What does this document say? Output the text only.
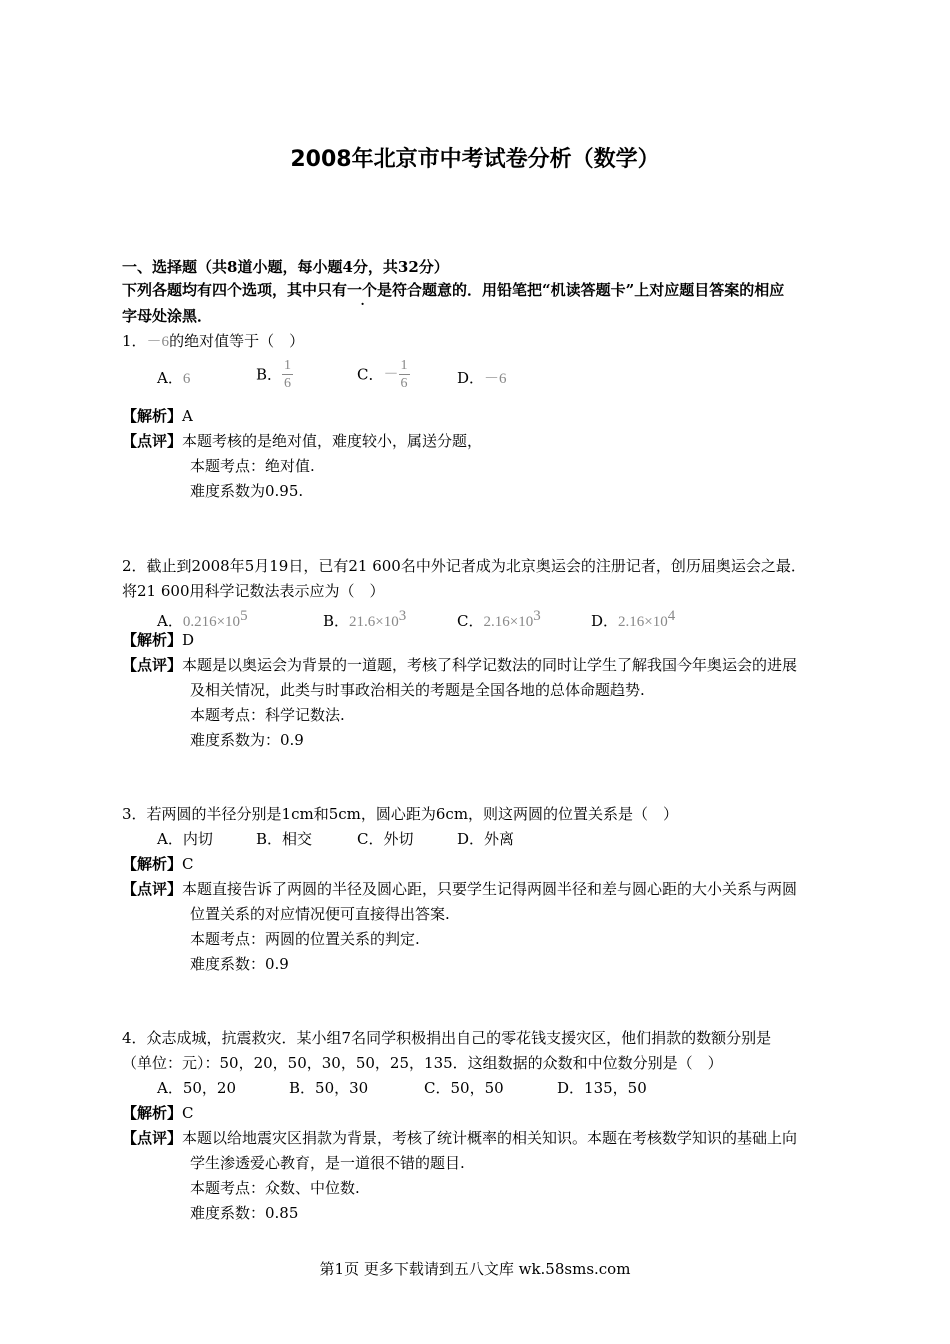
2008年北京市中考试卷分析（数学）
一、选择题（共8道小题，每小题4分，共32分）
下列各题均有四个选项，其中只有一个是符合题意的．用铅笔把“机读答题卡”上对应题目答案的相应
字母处涂黑．
1．－6的绝对值等于（　）
A．6	B． $\frac{1}{6}$	C．－ $\frac{1}{6}$	D．－6
【解析】A
【点评】本题考核的是绝对值，难度较小，属送分题，
本题考点：绝对值.
难度系数为0.95.
2．截止到2008年5月19日，已有21 600名中外记者成为北京奥运会的注册记者，创历届奥运会之最．
将21 600用科学记数法表示应为（　）
A．$0.216\times 10^5$	B．$21.6\times 10^3$	C．$2.16\times 10^3$	D．$2.16\times 10^4$
【解析】D
【点评】本题是以奥运会为背景的一道题，考核了科学记数法的同时让学生了解我国今年奥运会的进展
及相关情况，此类与时事政治相关的考题是全国各地的总体命题趋势.
本题考点：科学记数法.
难度系数为：0.9
3．若两圆的半径分别是1cm和5cm，圆心距为6cm，则这两圆的位置关系是（　）
A．内切	B．相交	C．外切	D．外离
【解析】C
【点评】本题直接告诉了两圆的半径及圆心距，只要学生记得两圆半径和差与圆心距的大小关系与两圆
位置关系的对应情况便可直接得出答案.
本题考点：两圆的位置关系的判定.
难度系数：0.9
4．众志成城，抗震救灾．某小组7名同学积极捐出自己的零花钱支援灾区，他们捐款的数额分别是
（单位：元）：50，20，50，30，50，25，135．这组数据的众数和中位数分别是（　）
A．50，20	B．50，30	C．50，50	D．135，50
【解析】C
【点评】本题以给地震灾区捐款为背景，考核了统计概率的相关知识。本题在考核数学知识的基础上向
学生渗透爱心教育，是一道很不错的题目.
本题考点：众数、中位数.
难度系数：0.85
第1页 更多下载请到五八文库 wk.58sms.com
